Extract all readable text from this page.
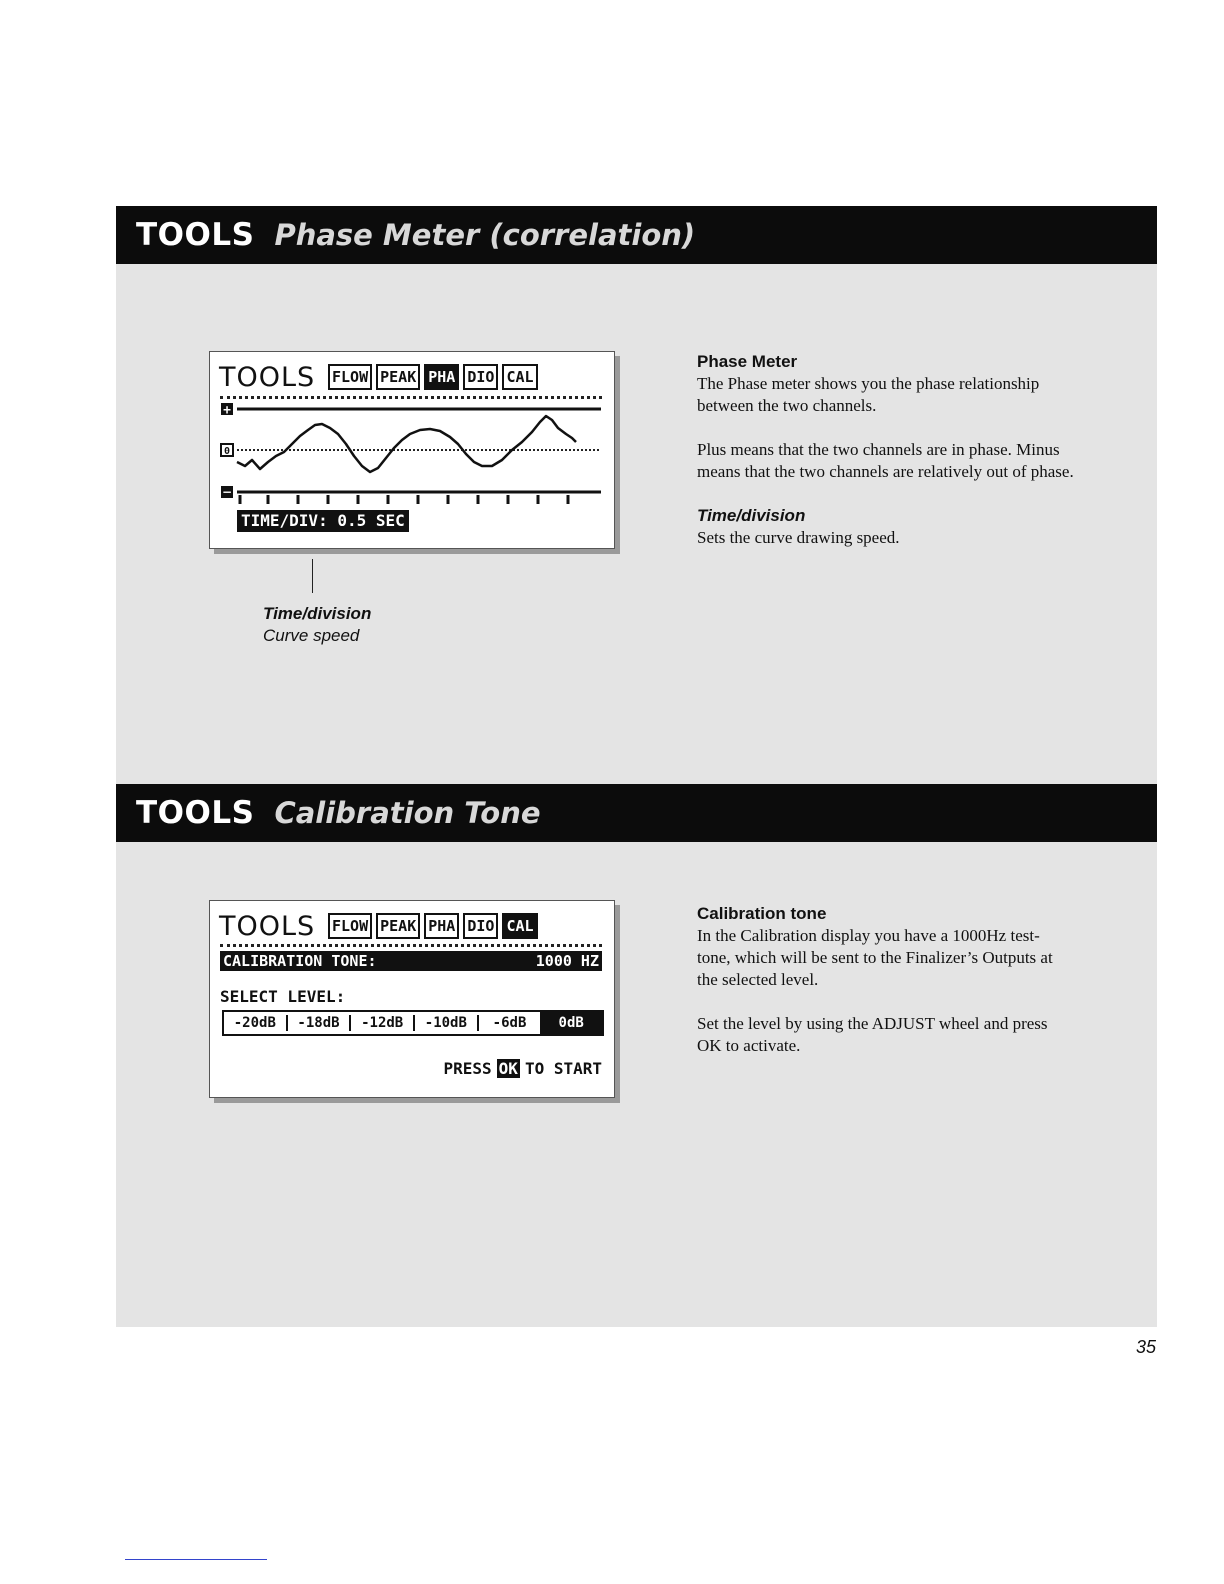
TOOLS Phase Meter (correlation)
TOOLS FLOW PEAK PHA DIO CAL
+
0
−
TIME/DIV: 0.5 SEC
Time/division
Curve speed
Phase Meter

The Phase meter shows you the phase relationship between the two channels.

Plus means that the two channels are in phase. Minus means that the two channels are relatively out of phase.

Time/division

Sets the curve drawing speed.

TOOLS Calibration Tone
TOOLS FLOW PEAK PHA DIO CAL
CALIBRATION TONE:	1000 HZ
SELECT LEVEL:
-20dB	-18dB	-12dB	-10dB	-6dB	0dB
PRESS OK TO START
Calibration tone

In the Calibration display you have a 1000Hz test-tone, which will be sent to the Finalizer’s Outputs at the selected level.

Set the level by using the ADJUST wheel and press OK to activate.

35
